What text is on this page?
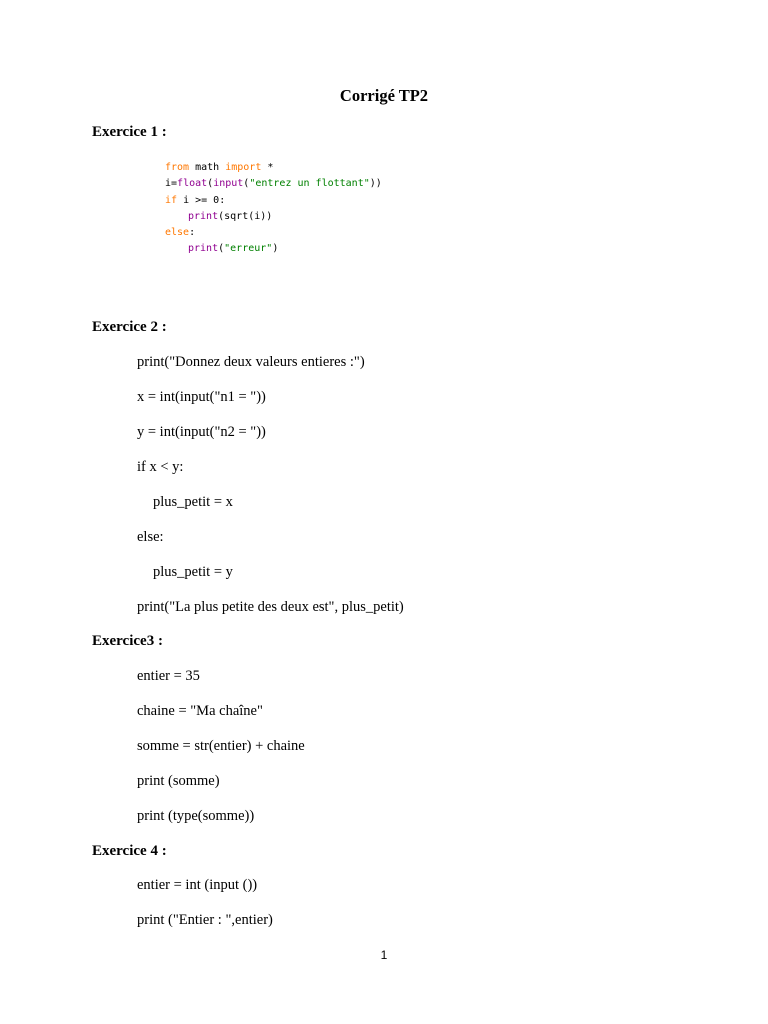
Corrigé TP2
Exercice 1 :
from math import *
i=float(input("entrez un flottant"))
if i >= 0:
print(sqrt(i))
else:
print("erreur")
Exercice 2 :
print("Donnez deux valeurs entieres :")
x = int(input("n1 = "))
y = int(input("n2 = "))
if x < y:
plus_petit = x
else:
plus_petit = y
print("La plus petite des deux est", plus_petit)
Exercice3 :
entier = 35
chaine = "Ma chaîne"
somme = str(entier) + chaine
print (somme)
print (type(somme))
Exercice 4 :
entier = int (input ())
print ("Entier : ",entier)
1
